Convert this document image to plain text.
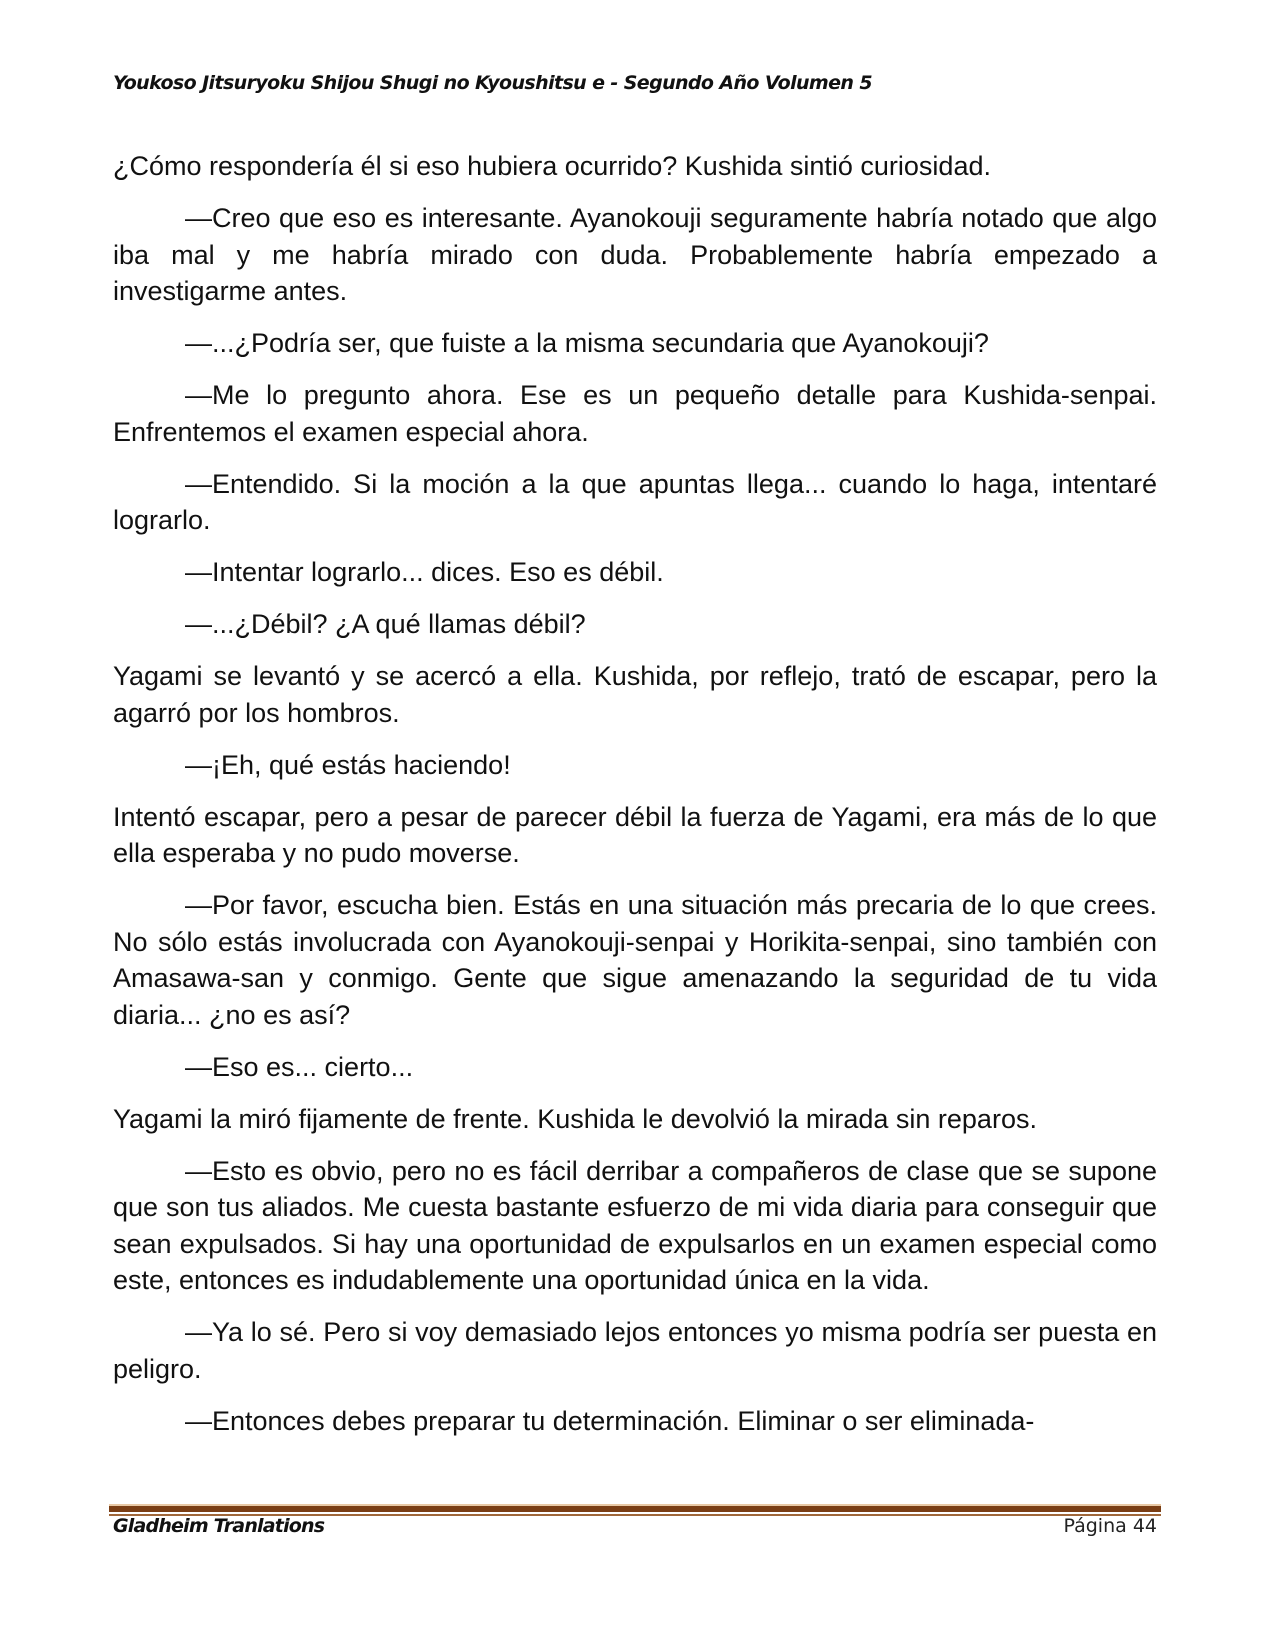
Youkoso Jitsuryoku Shijou Shugi no Kyoushitsu e - Segundo Año Volumen 5

¿Cómo respondería él si eso hubiera ocurrido? Kushida sintió curiosidad.

—Creo que eso es interesante. Ayanokouji seguramente habría notado que algo iba mal y me habría mirado con duda. Probablemente habría empezado a investigarme antes.

—...¿Podría ser, que fuiste a la misma secundaria que Ayanokouji?

—Me lo pregunto ahora. Ese es un pequeño detalle para Kushida-senpai. Enfrentemos el examen especial ahora.

—Entendido. Si la moción a la que apuntas llega... cuando lo haga, intentaré lograrlo.

—Intentar lograrlo... dices. Eso es débil.

—...¿Débil? ¿A qué llamas débil?

Yagami se levantó y se acercó a ella. Kushida, por reflejo, trató de escapar, pero la agarró por los hombros.

—¡Eh, qué estás haciendo!

Intentó escapar, pero a pesar de parecer débil la fuerza de Yagami, era más de lo que ella esperaba y no pudo moverse.

—Por favor, escucha bien. Estás en una situación más precaria de lo que crees. No sólo estás involucrada con Ayanokouji-senpai y Horikita-senpai, sino también con Amasawa-san y conmigo. Gente que sigue amenazando la seguridad de tu vida diaria... ¿no es así?

—Eso es... cierto...

Yagami la miró fijamente de frente. Kushida le devolvió la mirada sin reparos.

—Esto es obvio, pero no es fácil derribar a compañeros de clase que se supone que son tus aliados. Me cuesta bastante esfuerzo de mi vida diaria para conseguir que sean expulsados. Si hay una oportunidad de expulsarlos en un examen especial como este, entonces es indudablemente una oportunidad única en la vida.

—Ya lo sé. Pero si voy demasiado lejos entonces yo misma podría ser puesta en peligro.

—Entonces debes preparar tu determinación. Eliminar o ser eliminada-

Gladheim Tranlations	Página 44
